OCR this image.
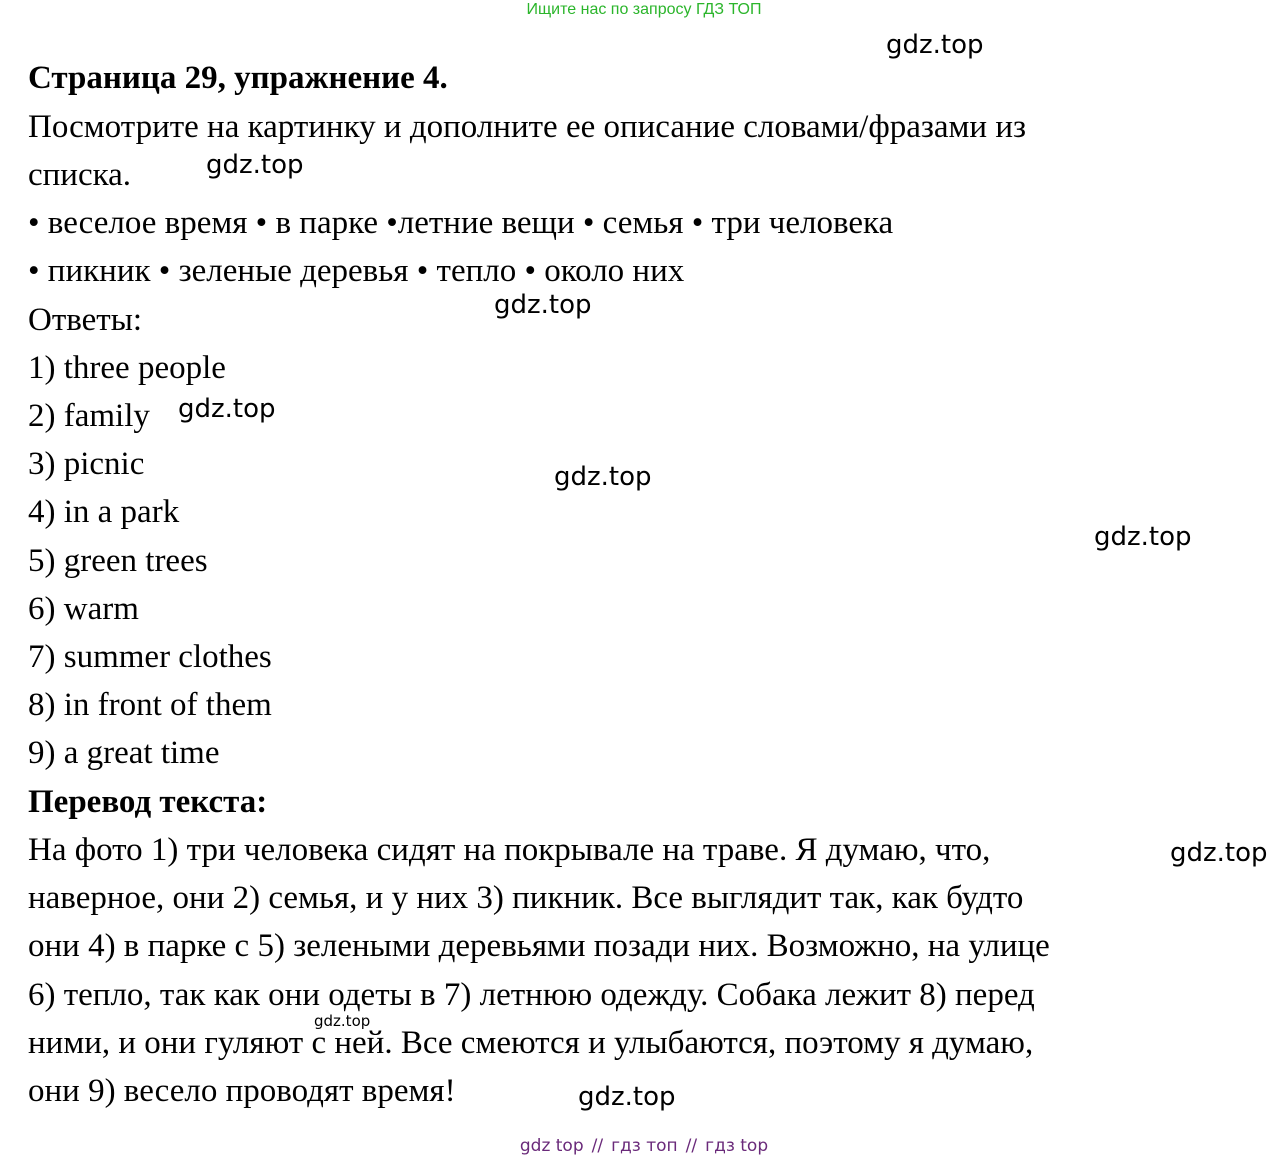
Ищите нас по запросу ГДЗ ТОП
gdz.top
gdz.top
gdz.top
gdz.top
gdz.top
gdz.top
gdz.top
gdz.top
gdz.top
Страница 29, упражнение 4.
Посмотрите на картинку и дополните ее описание словами/фразами из
списка.
• веселое время • в парке •летние вещи • семья • три человека
• пикник • зеленые деревья • тепло • около них
Ответы:
1) three people
2) family
3) picnic
4) in a park
5) green trees
6) warm
7) summer clothes
8) in front of them
9) a great time
Перевод текста:
На фото 1) три человека сидят на покрывале на траве. Я думаю, что,
наверное, они 2) семья, и у них 3) пикник. Все выглядит так, как будто
они 4) в парке с 5) зелеными деревьями позади них. Возможно, на улице
6) тепло, так как они одеты в 7) летнюю одежду. Собака лежит 8) перед
ними, и они гуляют с ней. Все смеются и улыбаются, поэтому я думаю,
они 9) весело проводят время!
gdz top // гдз топ // гдз top
